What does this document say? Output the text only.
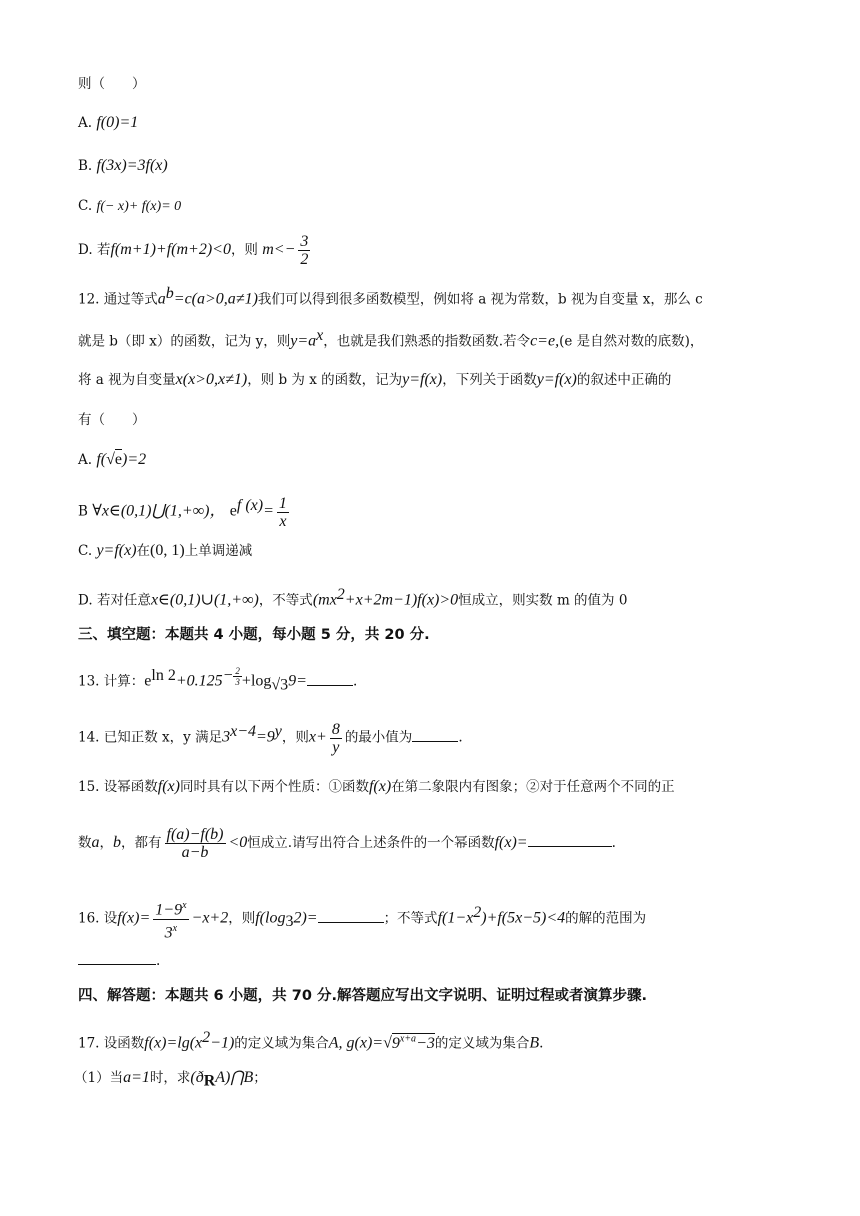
则（　　）
A. f(0)=1
B. f(3x)=3f(x)
C. f(− x)+ f(x)= 0
D. 若f(m+1)+f(m+2)<0，则 $m<- \frac{3}{2}$
12. 通过等式$a^b=c(a>0,a\ne 1)$我们可以得到很多函数模型，例如将 a 视为常数，b 视为自变量 x，那么 c
就是 b（即 x）的函数，记为 y，则$y=a^x$，也就是我们熟悉的指数函数.若令c=e,(e 是自然对数的底数)，
将 a 视为自变量x(x>0,x≠1)，则 b 为 x 的函数，记为y=f(x)，下列关于函数y=f(x)的叙述中正确的
有（　　）
A. f(√e)=2
B ∀x∈(0,1)⋃(1,+∞)， $e^{f (x)}= \frac{1}{x}$
C. y=f(x)在(0, 1)上单调递减
D. 若对任意x∈(0,1)∪(1,+∞)，不等式$(mx^2+x+2m-1)f(x)>0$恒成立，则实数 m 的值为 0
三、填空题：本题共 4 小题，每小题 5 分，共 20 分.
13. 计算：$e^{ln 2}+0.125^{- \frac{2}{3}} +\log_{√3}9=$	.
14. 已知正数 x，y 满足$3^{x-4}=9^y$，则$x+ \frac{8}{y}$ 的最小值为	.
15. 设幂函数f(x)同时具有以下两个性质：①函数f(x)在第二象限内有图象；②对于任意两个不同的正
数a，b，都有 $\frac{f(a)-f(b)}{a-b} <0$恒成立.请写出符合上述条件的一个幂函数f(x)=	.
16. 设$f(x)= \frac{1-9^x}{3^x} -x+2$，则$f(\log_32)=$	；不等式$f(1-x^2)+f(5x-5)<4$的解的范围为
.
四、解答题：本题共 6 小题，共 70 分.解答题应写出文字说明、证明过程或者演算步骤.
17. 设函数$f(x)=\lg(x^2-1)$的定义域为集合A, $g(x)=√9^{x+a}-3$的定义域为集合B.
（1）当a=1时，求$(ð_RA)⋂B$；
